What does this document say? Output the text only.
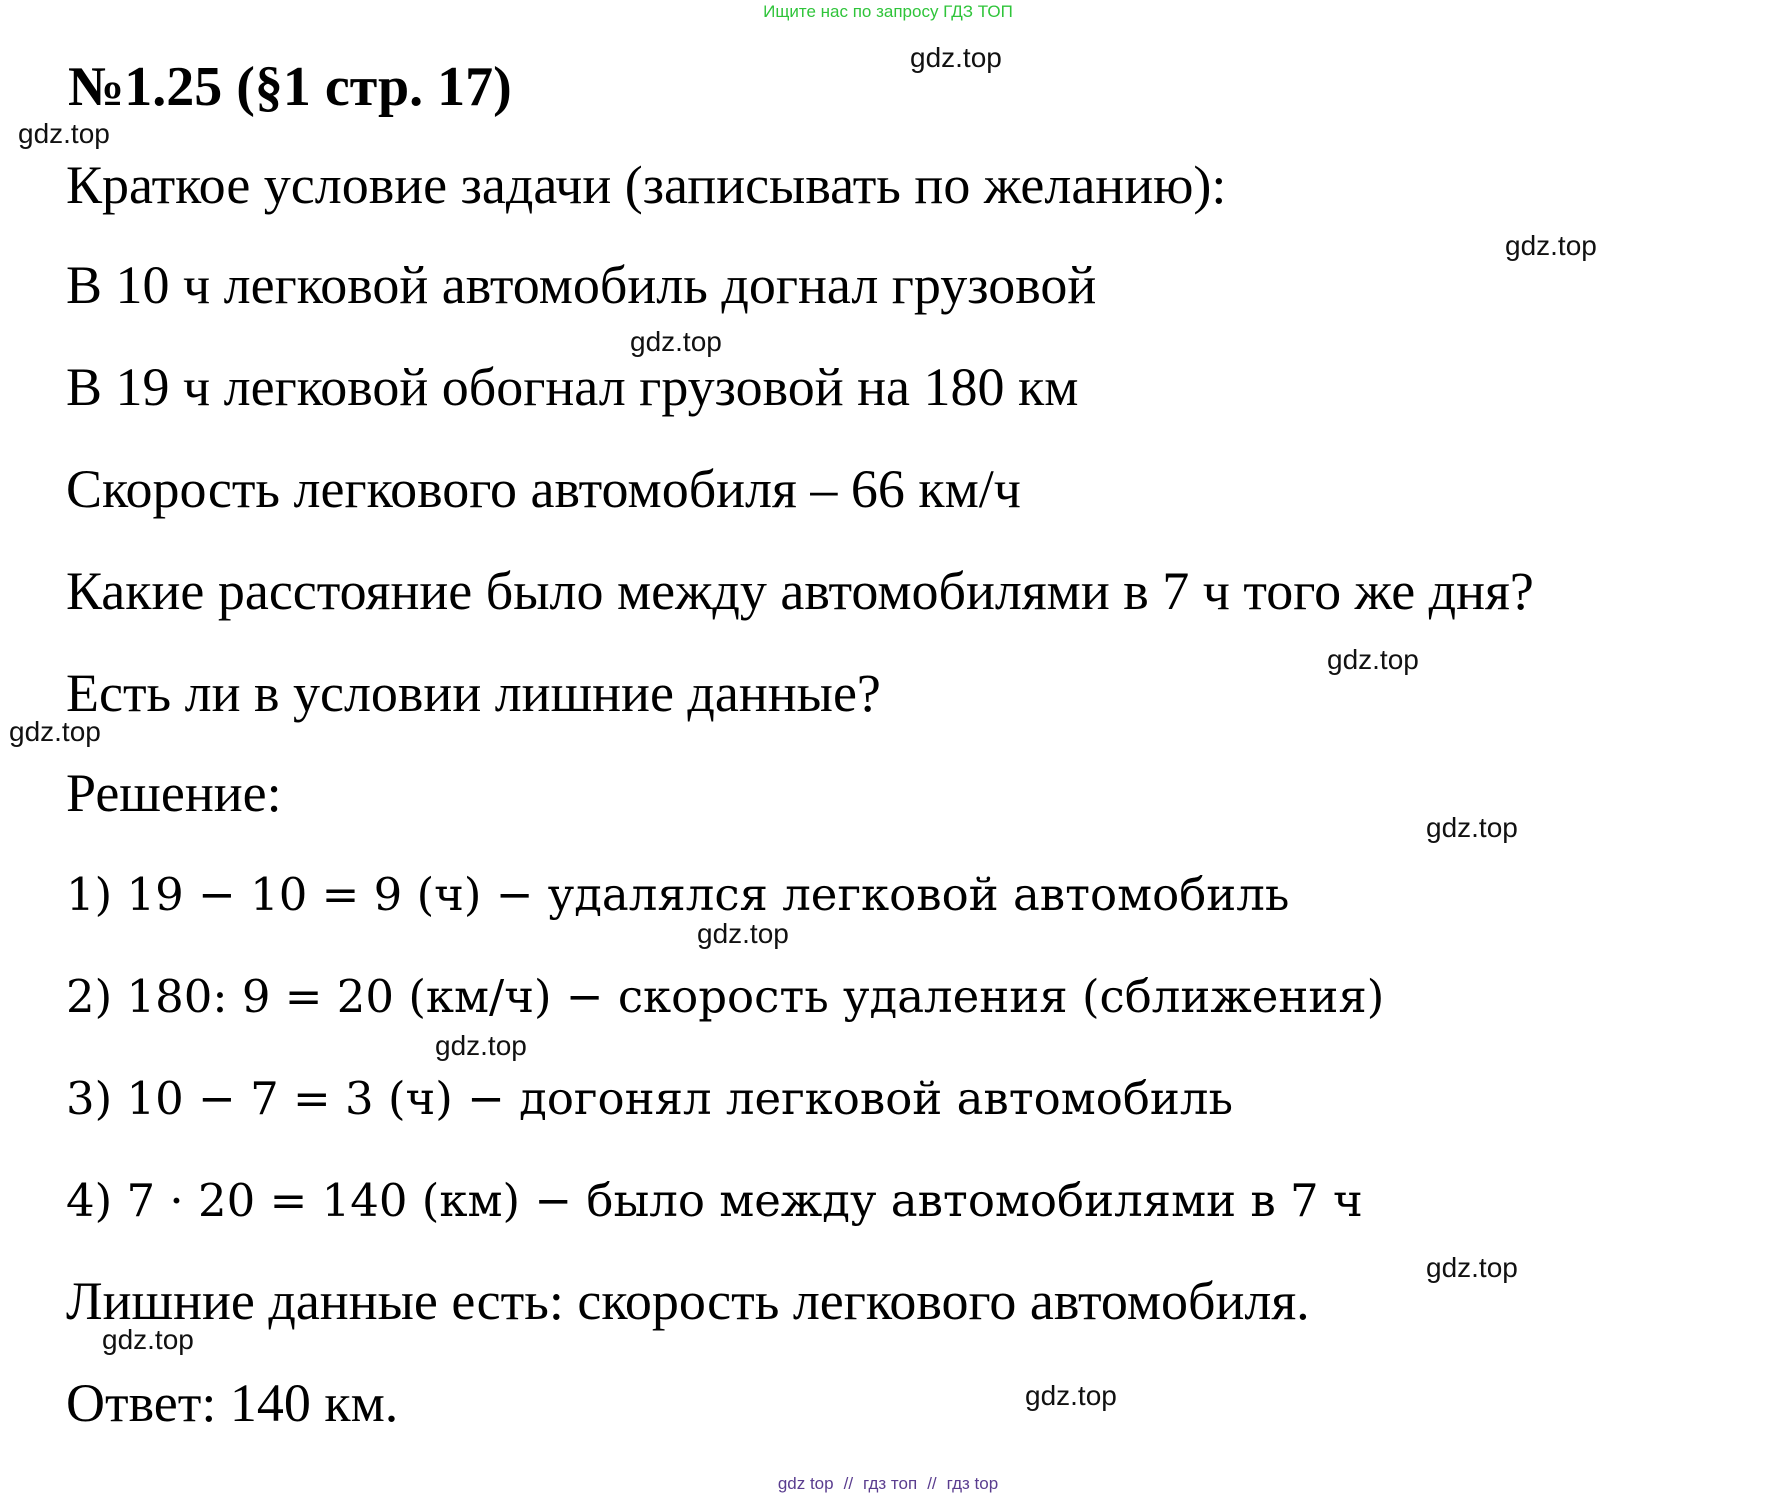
Ищите нас по запросу ГДЗ ТОП
№1.25 (§1 стр. 17)
Краткое условие задачи (записывать по желанию):
В 10 ч легковой автомобиль догнал грузовой
В 19 ч легковой обогнал грузовой на 180 км
Скорость легкового автомобиля – 66 км/ч
Какие расстояние было между автомобилями в 7 ч того же дня?
Есть ли в условии лишние данные?
Решение:
1) 19 − 10 = 9 (ч) − удалялся легковой автомобиль
2) 180: 9 = 20 (км/ч) − скорость удаления (сближения)
3) 10 − 7 = 3 (ч) − догонял легковой автомобиль
4) 7 · 20 = 140 (км) − было между автомобилями в 7 ч
Лишние данные есть: скорость легкового автомобиля.
Ответ: 140 км.
gdz.top
gdz.top
gdz.top
gdz.top
gdz.top
gdz.top
gdz.top
gdz.top
gdz.top
gdz.top
gdz.top
gdz.top
gdz top // гдз топ // гдз top
